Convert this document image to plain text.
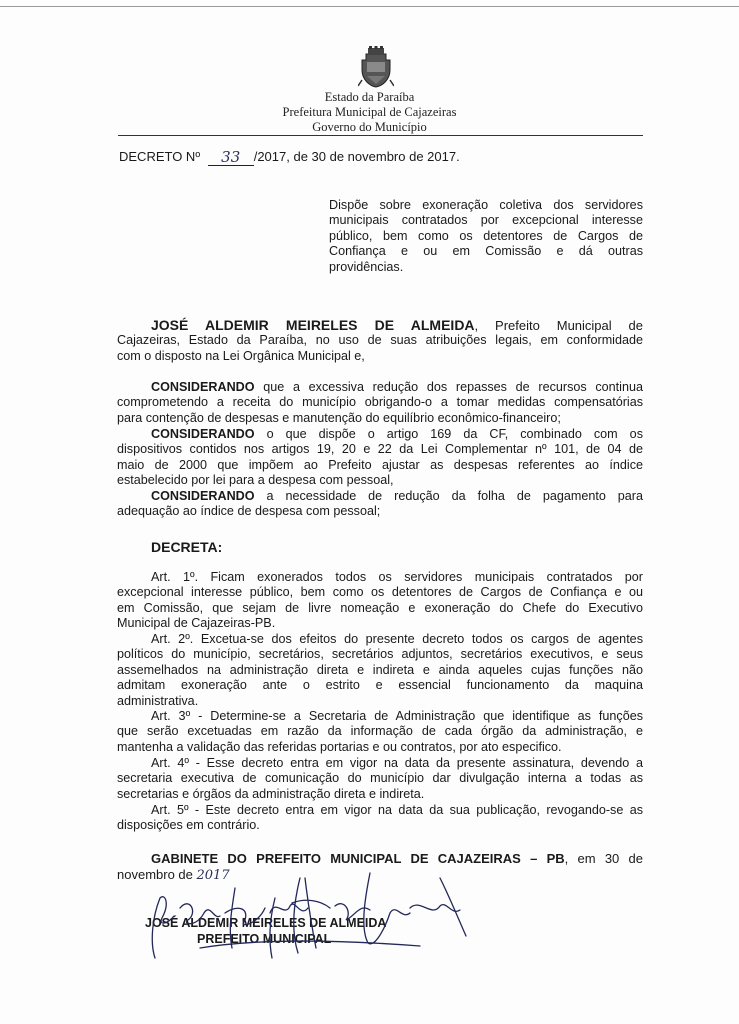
Estado da Paraíba
Prefeitura Municipal de Cajazeiras
Governo do Município
DECRETO Nº 33 /2017, de 30 de novembro de 2017.
Dispõe sobre exoneração coletiva dos servidores
municipais contratados por excepcional interesse
público, bem como os detentores de Cargos de
Confiança e ou em Comissão e dá outras
providências.
JOSÉ ALDEMIR MEIRELES DE ALMEIDA, Prefeito Municipal de
Cajazeiras, Estado da Paraíba, no uso de suas atribuições legais, em conformidade
com o disposto na Lei Orgânica Municipal e,
CONSIDERANDO que a excessiva redução dos repasses de recursos continua
comprometendo a receita do município obrigando-o a tomar medidas compensatórias
para contenção de despesas e manutenção do equilíbrio econômico-financeiro;
CONSIDERANDO o que dispõe o artigo 169 da CF, combinado com os
dispositivos contidos nos artigos 19, 20 e 22 da Lei Complementar nº 101, de 04 de
maio de 2000 que impõem ao Prefeito ajustar as despesas referentes ao índice
estabelecido por lei para a despesa com pessoal,
CONSIDERANDO a necessidade de redução da folha de pagamento para
adequação ao índice de despesa com pessoal;
DECRETA:
Art. 1º. Ficam exonerados todos os servidores municipais contratados por
excepcional interesse público, bem como os detentores de Cargos de Confiança e ou
em Comissão, que sejam de livre nomeação e exoneração do Chefe do Executivo
Municipal de Cajazeiras-PB.
Art. 2º. Excetua-se dos efeitos do presente decreto todos os cargos de agentes
políticos do município, secretários, secretários adjuntos, secretários executivos, e seus
assemelhados na administração direta e indireta e ainda aqueles cujas funções não
admitam exoneração ante o estrito e essencial funcionamento da maquina
administrativa.
Art. 3º - Determine-se a Secretaria de Administração que identifique as funções
que serão excetuadas em razão da informação de cada órgão da administração, e
mantenha a validação das referidas portarias e ou contratos, por ato especifico.
Art. 4º - Esse decreto entra em vigor na data da presente assinatura, devendo a
secretaria executiva de comunicação do município dar divulgação interna a todas as
secretarias e órgãos da administração direta e indireta.
Art. 5º - Este decreto entra em vigor na data da sua publicação, revogando-se as
disposições em contrário.
GABINETE DO PREFEITO MUNICIPAL DE CAJAZEIRAS – PB, em 30 de
novembro de 2017
JOSÉ ALDEMIR MEIRELES DE ALMEIDA
PREFEITO MUNICIPAL
